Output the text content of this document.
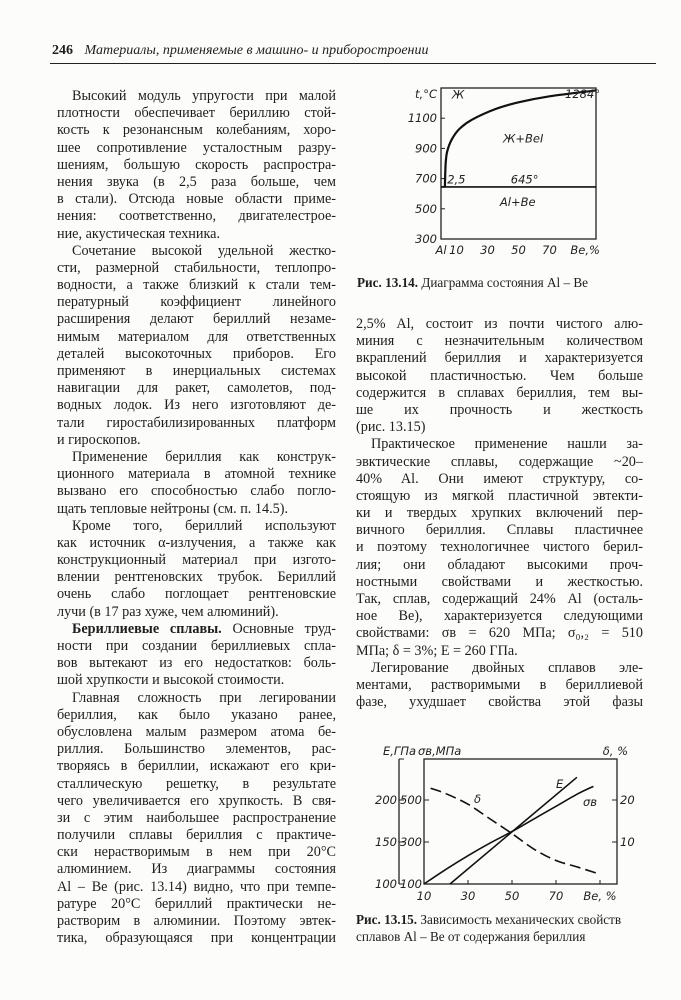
246 Материалы, применяемые в машино- и приборостроении
Высокий модуль упругости при малой
плотности обеспечивает бериллию стой-
кость к резонансным колебаниям, хоро-
шее сопротивление усталостным разру-
шениям, большую скорость распростра-
нения звука (в 2,5 раза больше, чем
в стали). Отсюда новые области приме-
нения: соответственно, двигателестрое-
ние, акустическая техника.
Сочетание высокой удельной жестко-
сти, размерной стабильности, теплопро-
водности, а также близкий к стали тем-
пературный коэффициент линейного
расширения делают бериллий незаме-
нимым материалом для ответственных
деталей высокоточных приборов. Его
применяют в инерциальных системах
навигации для ракет, самолетов, под-
водных лодок. Из него изготовляют де-
тали гиростабилизированных платформ
и гироскопов.
Применение бериллия как конструк-
ционного материала в атомной технике
вызвано его способностью слабо погло-
щать тепловые нейтроны (см. п. 14.5).
Кроме того, бериллий используют
как источник α-излучения, а также как
конструкционный материал при изгото-
влении рентгеновских трубок. Бериллий
очень слабо поглощает рентгеновские
лучи (в 17 раз хуже, чем алюминий).
Бериллиевые сплавы. Основные труд-
ности при создании бериллиевых спла-
вов вытекают из его недостатков: боль-
шой хрупкости и высокой стоимости.
Главная сложность при легировании
бериллия, как было указано ранее,
обусловлена малым размером атома бе-
риллия. Большинство элементов, рас-
творяясь в бериллии, искажают его кри-
сталлическую решетку, в результате
чего увеличивается его хрупкость. В свя-
зи с этим наибольшее распространение
получили сплавы бериллия с практиче-
ски нерастворимым в нем при 20°С
алюминием. Из диаграммы состояния
Al – Be (рис. 13.14) видно, что при темпе-
ратуре 20°С бериллий практически не-
растворим в алюминии. Поэтому эвтек-
тика, образующаяся при концентрации
2,5% Al, состоит из почти чистого алю-
миния с незначительным количеством
вкраплений бериллия и характеризуется
высокой пластичностью. Чем больше
содержится в сплавах бериллия, тем вы-
ше их прочность и жесткость
(рис. 13.15)
Практическое применение нашли за-
эвктические сплавы, содержащие ~20–
40% Al. Они имеют структуру, со-
стоящую из мягкой пластичной эвтекти-
ки и твердых хрупких включений пер-
вичного бериллия. Сплавы пластичнее
и поэтому технологичнее чистого берил-
лия; они обладают высокими проч-
ностными свойствами и жесткостью.
Так, сплав, содержащий 24% Al (осталь-
ное Be), характеризуется следующими
свойствами: σв = 620 МПа; σ₀,₂ = 510
МПа; δ = 3%; E = 260 ГПа.
Легирование двойных сплавов эле-
ментами, растворимыми в бериллиевой
фазе, ухудшает свойства этой фазы
300
500
700
900
1100
Al 10 30 50 70 Be,%
t,°C Ж	1284°
Ж+BeI
2,5	645°
Al+Be
100
150
200
100
300
500
10
20
10	30	50	70 Be, %
E,ГПа σв,МПа	δ, %
σв
E
δ
Рис. 13.14. Диаграмма состояния Al – Be
Рис. 13.15. Зависимость механических свойств
сплавов Al – Be от содержания бериллия
